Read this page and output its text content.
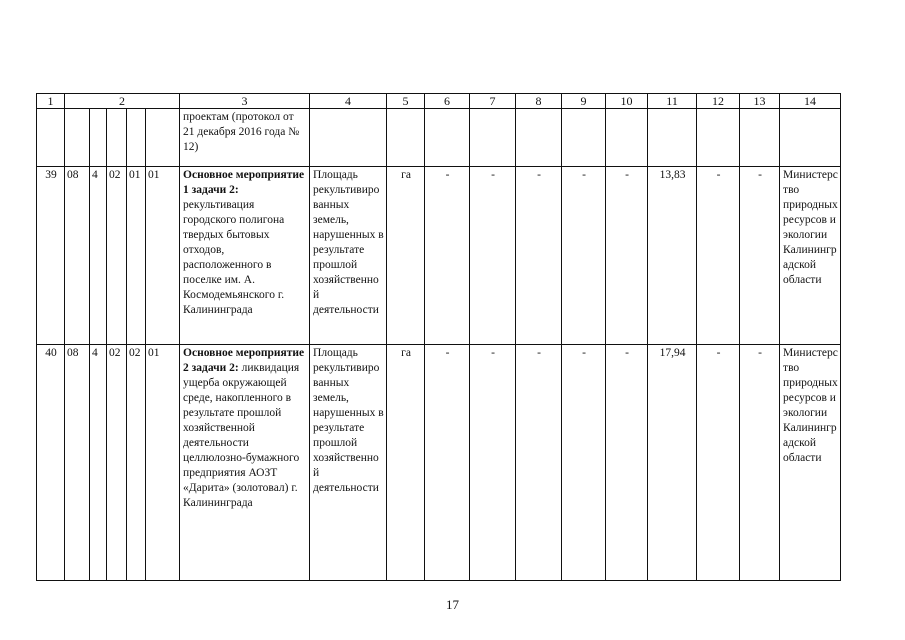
1	2					3	4	5	6	7	8	9	10	11	12	13	14
						проектам (протокол от 21 декабря 2016 года № 12)											
39	08	4	02	01	01	Основное мероприятие 1 задачи 2: рекультивация городского полигона твердых бытовых отходов, расположенного в поселке им. А. Космодемьянского г. Калининграда	Площадь рекультивированных земель, нарушенных в результате прошлой хозяйственной деятельности	га	-	-	-	-	-	13,83	-	-	Министерство природных ресурсов и экологии Калининградской области
40	08	4	02	02	01	Основное мероприятие 2 задачи 2: ликвидация ущерба окружающей среде, накопленного в результате прошлой хозяйственной деятельности целлюлозно-бумажного предприятия АОЗТ «Дарита» (золотовал) г. Калининграда	Площадь рекультивированных земель, нарушенных в результате прошлой хозяйственной деятельности	га	-	-	-	-	-	17,94	-	-	Министерство природных ресурсов и экологии Калининградской области
17
